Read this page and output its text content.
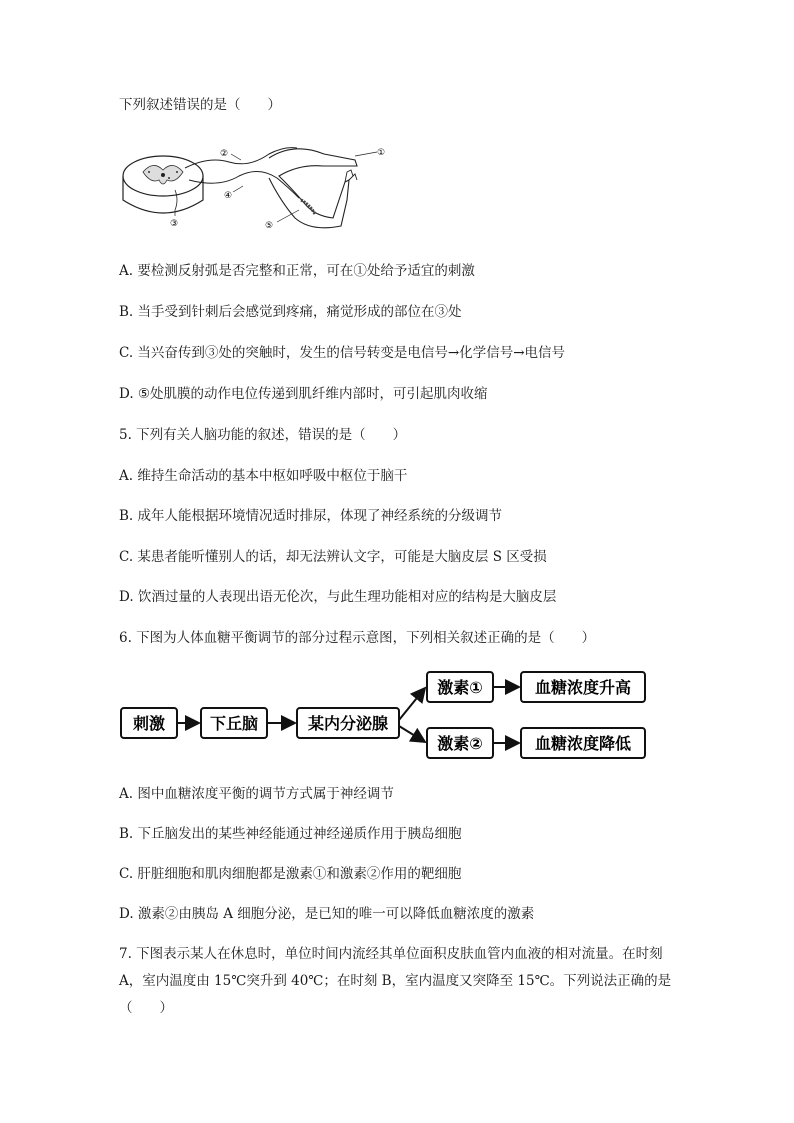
下列叙述错误的是（　　）
①
②
③
④
⑤
A. 要检测反射弧是否完整和正常，可在①处给予适宜的刺激
B. 当手受到针刺后会感觉到疼痛，痛觉形成的部位在③处
C. 当兴奋传到③处的突触时，发生的信号转变是电信号→化学信号→电信号
D. ⑤处肌膜的动作电位传递到肌纤维内部时，可引起肌肉收缩
5. 下列有关人脑功能的叙述，错误的是（　　）
A. 维持生命活动的基本中枢如呼吸中枢位于脑干
B. 成年人能根据环境情况适时排尿，体现了神经系统的分级调节
C. 某患者能听懂别人的话，却无法辨认文字，可能是大脑皮层 S 区受损
D. 饮酒过量的人表现出语无伦次，与此生理功能相对应的结构是大脑皮层
6. 下图为人体血糖平衡调节的部分过程示意图，下列相关叙述正确的是（　　）
刺激	下丘脑	某内分泌腺
激素①
激素②
血糖浓度升高
血糖浓度降低
A. 图中血糖浓度平衡的调节方式属于神经调节
B. 下丘脑发出的某些神经能通过神经递质作用于胰岛细胞
C. 肝脏细胞和肌肉细胞都是激素①和激素②作用的靶细胞
D. 激素②由胰岛 A 细胞分泌，是已知的唯一可以降低血糖浓度的激素
7. 下图表示某人在休息时，单位时间内流经其单位面积皮肤血管内血液的相对流量。在时刻 A，室内温度由 15℃突升到 40℃；在时刻 B，室内温度又突降至 15℃。下列说法正确的是（　　）
